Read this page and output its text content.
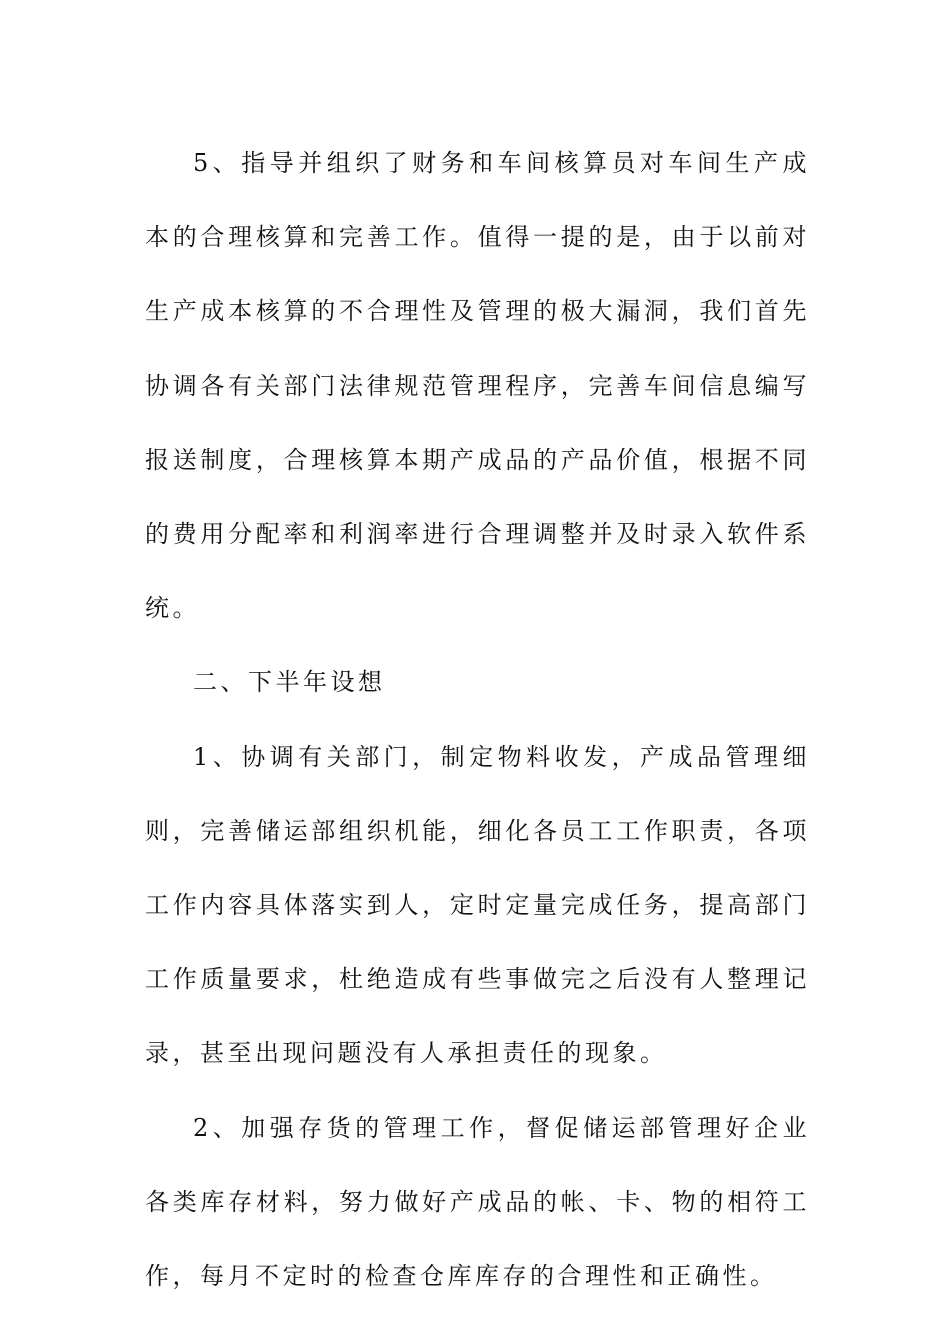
5、指导并组织了财务和车间核算员对车间生产成本的合理核算和完善工作。值得一提的是，由于以前对生产成本核算的不合理性及管理的极大漏洞，我们首先协调各有关部门法律规范管理程序，完善车间信息编写报送制度，合理核算本期产成品的产品价值，根据不同的费用分配率和利润率进行合理调整并及时录入软件系统。

二、下半年设想

1、协调有关部门，制定物料收发，产成品管理细则，完善储运部组织机能，细化各员工工作职责，各项工作内容具体落实到人，定时定量完成任务，提高部门工作质量要求，杜绝造成有些事做完之后没有人整理记录，甚至出现问题没有人承担责任的现象。

2、加强存货的管理工作，督促储运部管理好企业各类库存材料，努力做好产成品的帐、卡、物的相符工作，每月不定时的检查仓库库存的合理性和正确性。
